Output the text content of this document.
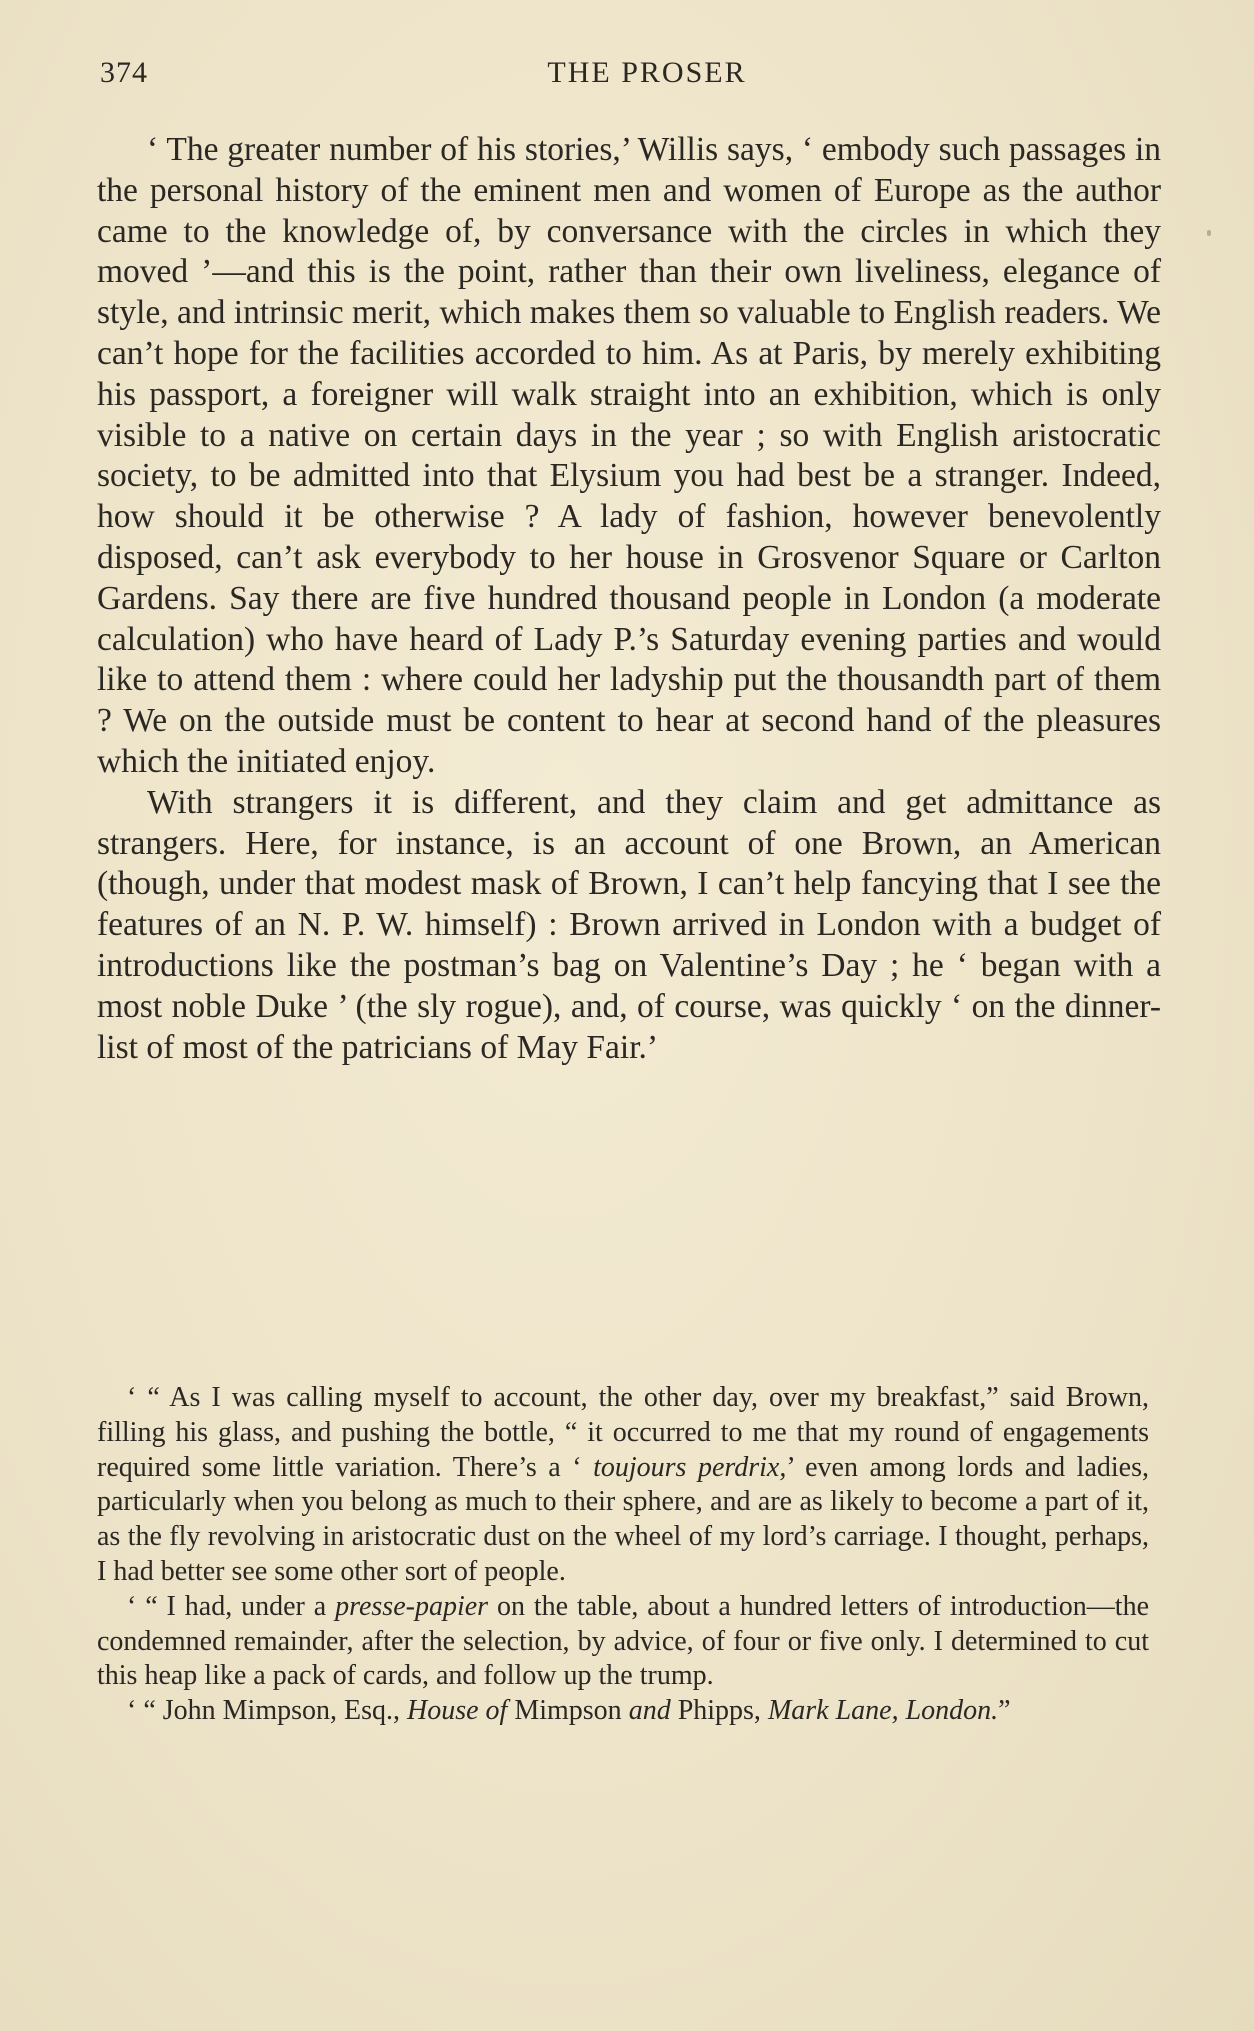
374	THE PROSER

‘ The greater number of his stories,’ Willis says, ‘ embody such passages in the personal history of the eminent men and women of Europe as the author came to the knowledge of, by conversance with the circles in which they moved ’—and this is the point, rather than their own liveliness, elegance of style, and intrinsic merit, which makes them so valuable to English readers. We can’t hope for the facilities accorded to him. As at Paris, by merely exhibiting his passport, a foreigner will walk straight into an exhibition, which is only visible to a native on certain days in the year ; so with English aristocratic society, to be admitted into that Elysium you had best be a stranger. Indeed, how should it be otherwise ? A lady of fashion, however benevolently disposed, can’t ask everybody to her house in Grosvenor Square or Carlton Gardens. Say there are five hundred thousand people in London (a moderate calculation) who have heard of Lady P.’s Saturday evening parties and would like to attend them : where could her ladyship put the thousandth part of them ? We on the outside must be content to hear at second hand of the pleasures which the initiated enjoy.

With strangers it is different, and they claim and get admittance as strangers. Here, for instance, is an account of one Brown, an American (though, under that modest mask of Brown, I can’t help fancying that I see the features of an N. P. W. himself) : Brown arrived in London with a budget of introductions like the postman’s bag on Valentine’s Day ; he ‘ began with a most noble Duke ’ (the sly rogue), and, of course, was quickly ‘ on the dinner-list of most of the patricians of May Fair.’

‘ “ As I was calling myself to account, the other day, over my breakfast,” said Brown, filling his glass, and pushing the bottle, “ it occurred to me that my round of engagements required some little variation. There’s a ‘ toujours perdrix,’ even among lords and ladies, particularly when you belong as much to their sphere, and are as likely to become a part of it, as the fly revolving in aristocratic dust on the wheel of my lord’s carriage. I thought, perhaps, I had better see some other sort of people.

‘ “ I had, under a presse-papier on the table, about a hundred letters of introduction—the condemned remainder, after the selection, by advice, of four or five only. I determined to cut this heap like a pack of cards, and follow up the trump.

‘ “ John Mimpson, Esq., House of Mimpson and Phipps, Mark Lane, London.”
